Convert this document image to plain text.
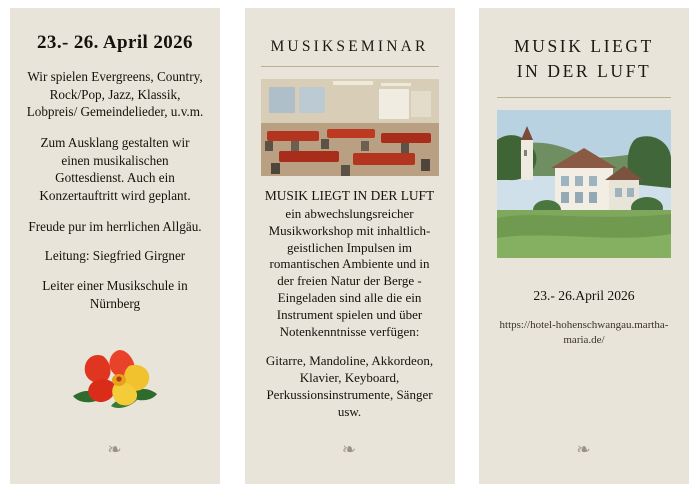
23.- 26. April 2026
Wir spielen Evergreens, Country, Rock/Pop, Jazz, Klassik, Lobpreis/ Gemeindelieder, u.v.m.
Zum Ausklang gestalten wir einen musikalischen Gottesdienst. Auch ein Konzertauftritt wird geplant.
Freude pur im herrlichen Allgäu.
Leitung: Siegfried Girgner
Leiter einer Musikschule in Nürnberg
❧
MUSIKSEMINAR
MUSIK LIEGT IN DER LUFT
ein abwechslungsreicher Musikworkshop mit inhaltlich-geistlichen Impulsen im romantischen Ambiente und in der freien Natur der Berge -Eingeladen sind alle die ein Instrument spielen und über Notenkenntnisse verfügen:
Gitarre, Mandoline, Akkordeon, Klavier, Keyboard, Perkussionsinstrumente, Sänger usw.
❧
MUSIK LIEGT
IN DER LUFT
23.- 26.April 2026
https://hotel-hohenschwangau.martha-maria.de/
❧
